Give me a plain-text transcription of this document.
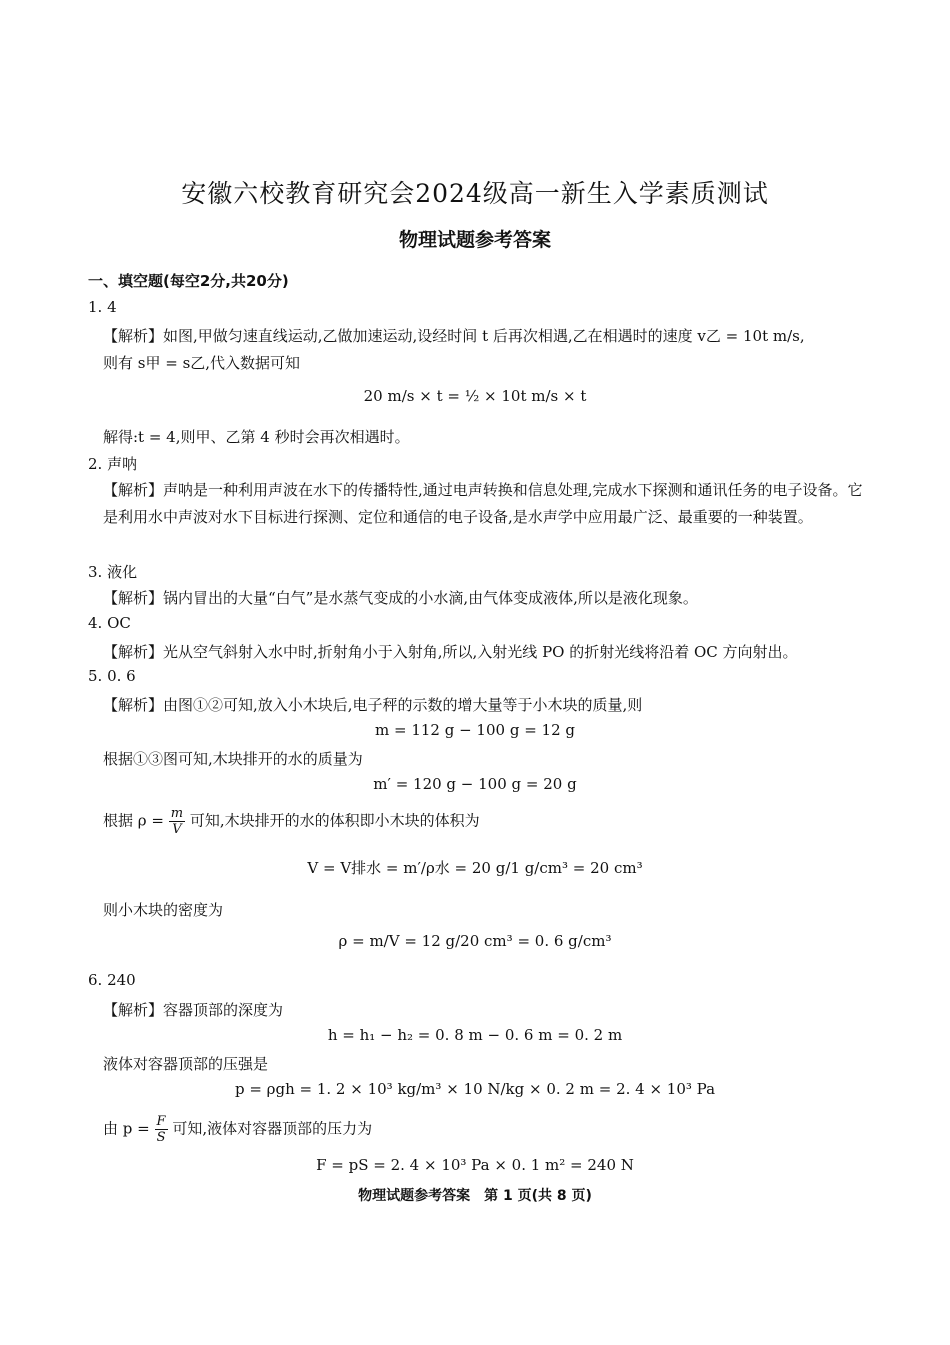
安徽六校教育研究会2024级高一新生入学素质测试
物理试题参考答案
一、填空题(每空2分,共20分)
1. 4
【解析】如图,甲做匀速直线运动,乙做加速运动,设经时间 t 后再次相遇,乙在相遇时的速度 v乙 = 10t m/s,
则有 s甲 = s乙,代入数据可知
20 m/s × t = ½ × 10t m/s × t
解得:t = 4,则甲、乙第 4 秒时会再次相遇时。
2. 声呐
【解析】声呐是一种利用声波在水下的传播特性,通过电声转换和信息处理,完成水下探测和通讯任务的电子设备。它是利用水中声波对水下目标进行探测、定位和通信的电子设备,是水声学中应用最广泛、最重要的一种装置。
3. 液化
【解析】锅内冒出的大量“白气”是水蒸气变成的小水滴,由气体变成液体,所以是液化现象。
4. OC
【解析】光从空气斜射入水中时,折射角小于入射角,所以,入射光线 PO 的折射光线将沿着 OC 方向射出。
5. 0. 6
【解析】由图①②可知,放入小木块后,电子秤的示数的增大量等于小木块的质量,则
m = 112 g − 100 g = 12 g
根据①③图可知,木块排开的水的质量为
m′ = 120 g − 100 g = 20 g
根据 $\rho = \frac{m}{V}$ 可知,木块排开的水的体积即小木块的体积为
V = V排水 = m′/ρ水 = 20 g/1 g/cm³ = 20 cm³
则小木块的密度为
ρ = m/V = 12 g/20 cm³ = 0. 6 g/cm³
6. 240
【解析】容器顶部的深度为
h = h₁ − h₂ = 0. 8 m − 0. 6 m = 0. 2 m
液体对容器顶部的压强是
p = ρgh = 1. 2 × 10³ kg/m³ × 10 N/kg × 0. 2 m = 2. 4 × 10³ Pa
由 $p = \frac{F}{S}$ 可知,液体对容器顶部的压力为
F = pS = 2. 4 × 10³ Pa × 0. 1 m² = 240 N
物理试题参考答案　第 1 页(共 8 页)
